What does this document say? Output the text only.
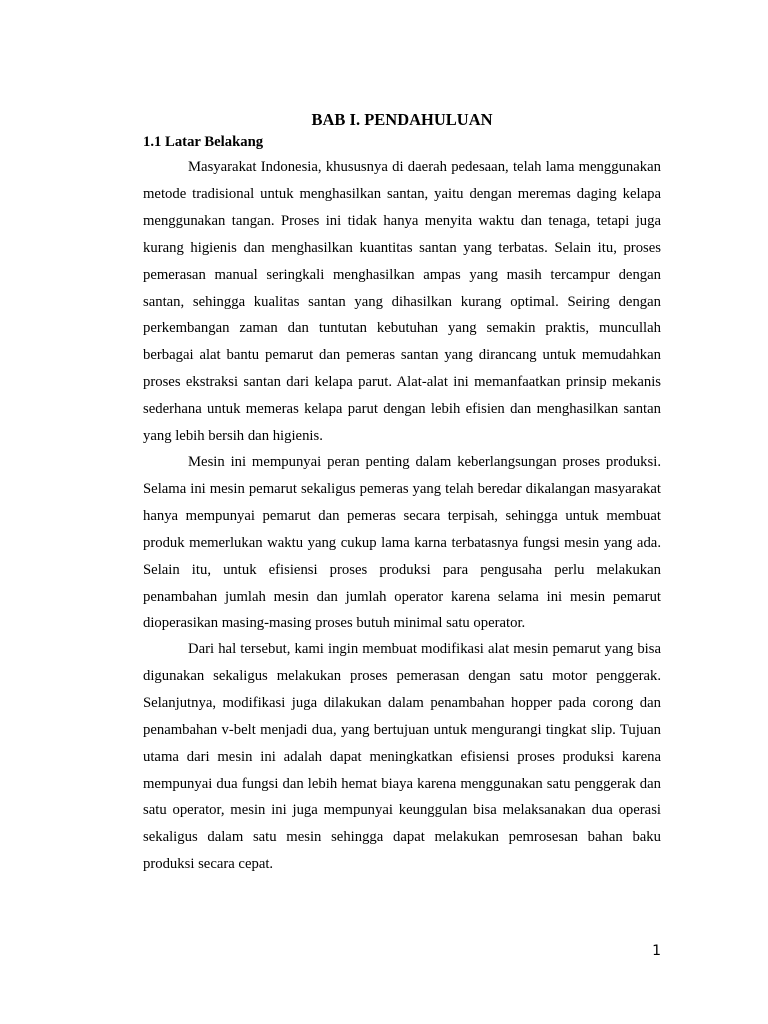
BAB I. PENDAHULUAN
1.1 Latar Belakang

Masyarakat Indonesia, khususnya di daerah pedesaan, telah lama menggunakan metode tradisional untuk menghasilkan santan, yaitu dengan meremas daging kelapa menggunakan tangan. Proses ini tidak hanya menyita waktu dan tenaga, tetapi juga kurang higienis dan menghasilkan kuantitas santan yang terbatas. Selain itu, proses pemerasan manual seringkali menghasilkan ampas yang masih tercampur dengan santan, sehingga kualitas santan yang dihasilkan kurang optimal. Seiring dengan perkembangan zaman dan tuntutan kebutuhan yang semakin praktis, muncullah berbagai alat bantu pemarut dan pemeras santan yang dirancang untuk memudahkan proses ekstraksi santan dari kelapa parut. Alat-alat ini memanfaatkan prinsip mekanis sederhana untuk memeras kelapa parut dengan lebih efisien dan menghasilkan santan yang lebih bersih dan higienis.

Mesin ini mempunyai peran penting dalam keberlangsungan proses produksi. Selama ini mesin pemarut sekaligus pemeras yang telah beredar dikalangan masyarakat hanya mempunyai pemarut dan pemeras secara terpisah, sehingga untuk membuat produk memerlukan waktu yang cukup lama karna terbatasnya fungsi mesin yang ada. Selain itu, untuk efisiensi proses produksi para pengusaha perlu melakukan penambahan jumlah mesin dan jumlah operator karena selama ini mesin pemarut dioperasikan masing-masing proses butuh minimal satu operator.

Dari hal tersebut, kami ingin membuat modifikasi alat mesin pemarut yang bisa digunakan sekaligus melakukan proses pemerasan dengan satu motor penggerak. Selanjutnya, modifikasi juga dilakukan dalam penambahan hopper pada corong dan penambahan v-belt menjadi dua, yang bertujuan untuk mengurangi tingkat slip. Tujuan utama dari mesin ini adalah dapat meningkatkan efisiensi proses produksi karena mempunyai dua fungsi dan lebih hemat biaya karena menggunakan satu penggerak dan satu operator, mesin ini juga mempunyai keunggulan bisa melaksanakan dua operasi sekaligus dalam satu mesin sehingga dapat melakukan pemrosesan bahan baku produksi secara cepat.

1
